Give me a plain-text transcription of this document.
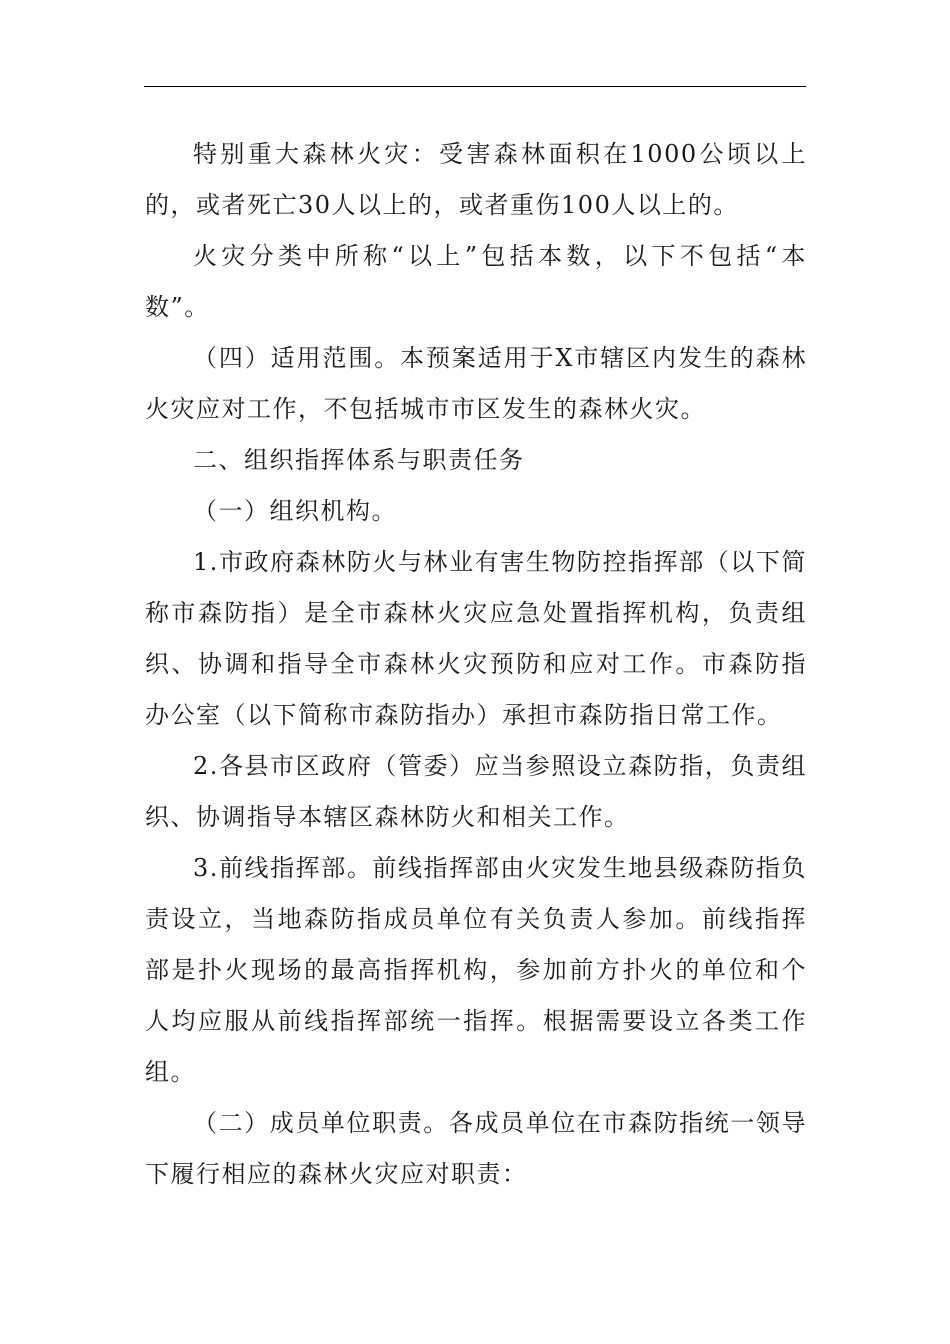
特别重大森林火灾：受害森林面积在1000公顷以上的，或者死亡30人以上的，或者重伤100人以上的。

火灾分类中所称“以上”包括本数，以下不包括“本数”。

（四）适用范围。本预案适用于X市辖区内发生的森林火灾应对工作，不包括城市市区发生的森林火灾。

二、组织指挥体系与职责任务

（一）组织机构。

1.市政府森林防火与林业有害生物防控指挥部（以下简称市森防指）是全市森林火灾应急处置指挥机构，负责组织、协调和指导全市森林火灾预防和应对工作。市森防指办公室（以下简称市森防指办）承担市森防指日常工作。

2.各县市区政府（管委）应当参照设立森防指，负责组织、协调指导本辖区森林防火和相关工作。

3.前线指挥部。前线指挥部由火灾发生地县级森防指负责设立，当地森防指成员单位有关负责人参加。前线指挥部是扑火现场的最高指挥机构，参加前方扑火的单位和个人均应服从前线指挥部统一指挥。根据需要设立各类工作组。

（二）成员单位职责。各成员单位在市森防指统一领导下履行相应的森林火灾应对职责：
